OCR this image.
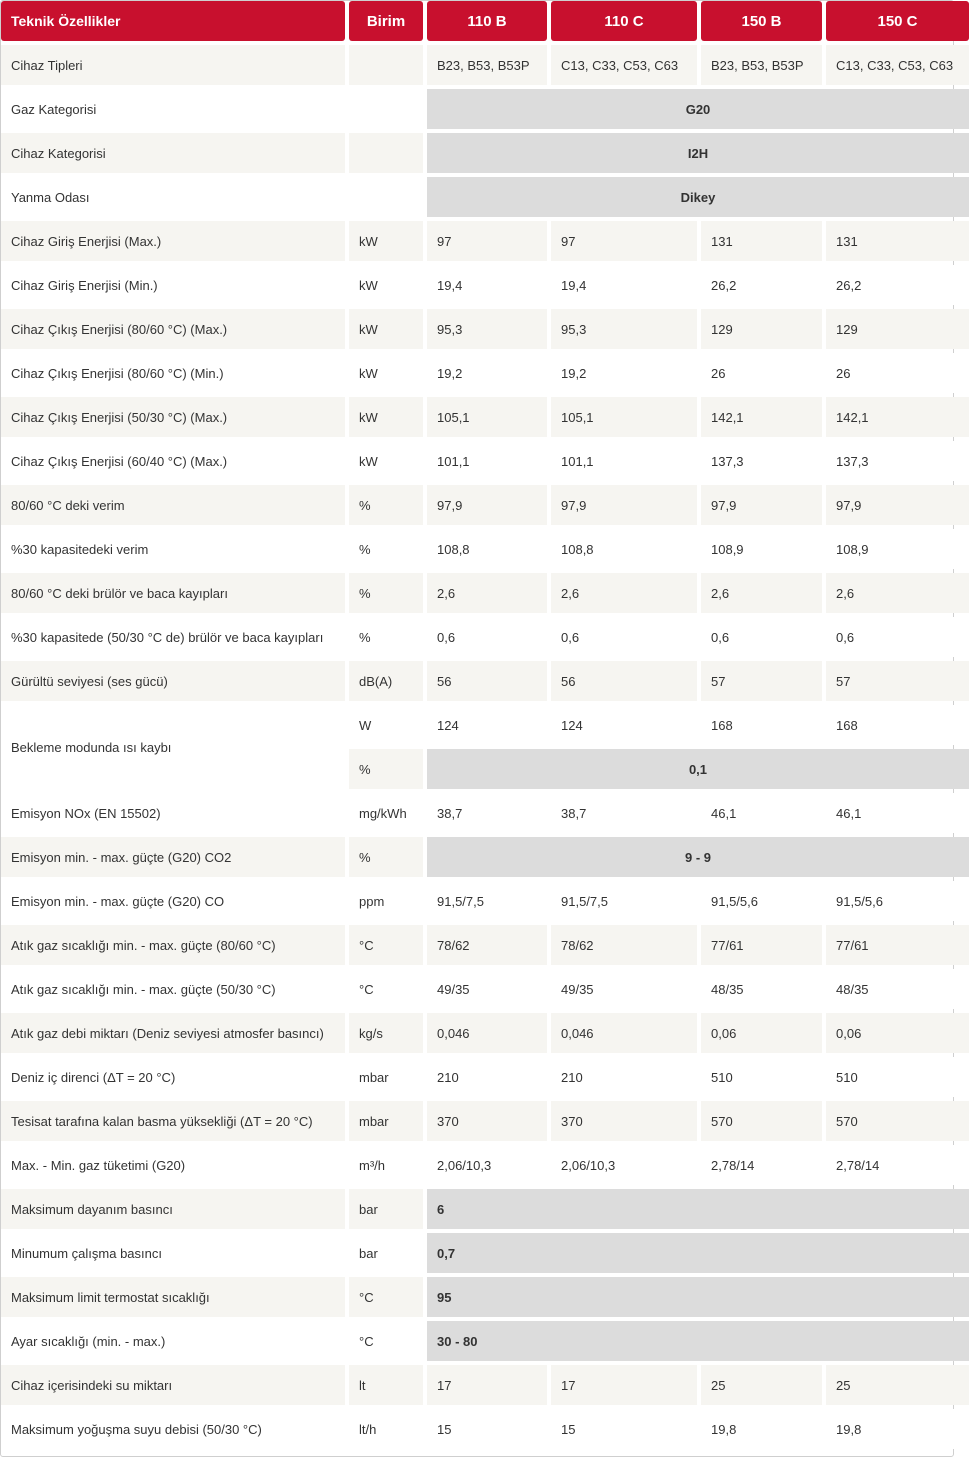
Teknik Özellikler	Birim	110 B	110 C	150 B	150 C
Cihaz Tipleri		B23, B53, B53P	C13, C33, C53, C63	B23, B53, B53P	C13, C33, C53, C63
Gaz Kategorisi		G20			
Cihaz Kategorisi		I2H			
Yanma Odası		Dikey			
Cihaz Giriş Enerjisi (Max.)	kW	97	97	131	131
Cihaz Giriş Enerjisi (Min.)	kW	19,4	19,4	26,2	26,2
Cihaz Çıkış Enerjisi (80/60 °C) (Max.)	kW	95,3	95,3	129	129
Cihaz Çıkış Enerjisi (80/60 °C) (Min.)	kW	19,2	19,2	26	26
Cihaz Çıkış Enerjisi (50/30 °C) (Max.)	kW	105,1	105,1	142,1	142,1
Cihaz Çıkış Enerjisi (60/40 °C) (Max.)	kW	101,1	101,1	137,3	137,3
80/60 °C deki verim	%	97,9	97,9	97,9	97,9
%30 kapasitedeki verim	%	108,8	108,8	108,9	108,9
80/60 °C deki brülör ve baca kayıpları	%	2,6	2,6	2,6	2,6
%30 kapasitede (50/30 °C de) brülör ve baca kayıpları	%	0,6	0,6	0,6	0,6
Gürültü seviyesi (ses gücü)	dB(A)	56	56	57	57
Bekleme modunda ısı kaybı	W	124	124	168	168
	%	0,1			
Emisyon NOx (EN 15502)	mg/kWh	38,7	38,7	46,1	46,1
Emisyon min. - max. güçte (G20) CO2	%	9 - 9			
Emisyon min. - max. güçte (G20) CO	ppm	91,5/7,5	91,5/7,5	91,5/5,6	91,5/5,6
Atık gaz sıcaklığı min. - max. güçte (80/60 °C)	°C	78/62	78/62	77/61	77/61
Atık gaz sıcaklığı min. - max. güçte (50/30 °C)	°C	49/35	49/35	48/35	48/35
Atık gaz debi miktarı (Deniz seviyesi atmosfer basıncı)	kg/s	0,046	0,046	0,06	0,06
Deniz iç direnci (ΔT = 20 °C)	mbar	210	210	510	510
Tesisat tarafına kalan basma yüksekliği (ΔT = 20 °C)	mbar	370	370	570	570
Max. - Min. gaz tüketimi (G20)	m³/h	2,06/10,3	2,06/10,3	2,78/14	2,78/14
Maksimum dayanım basıncı	bar	6			
Minumum çalışma basıncı	bar	0,7			
Maksimum limit termostat sıcaklığı	°C	95			
Ayar sıcaklığı (min. - max.)	°C	30 - 80			
Cihaz içerisindeki su miktarı	lt	17	17	25	25
Maksimum yoğuşma suyu debisi (50/30 °C)	lt/h	15	15	19,8	19,8
